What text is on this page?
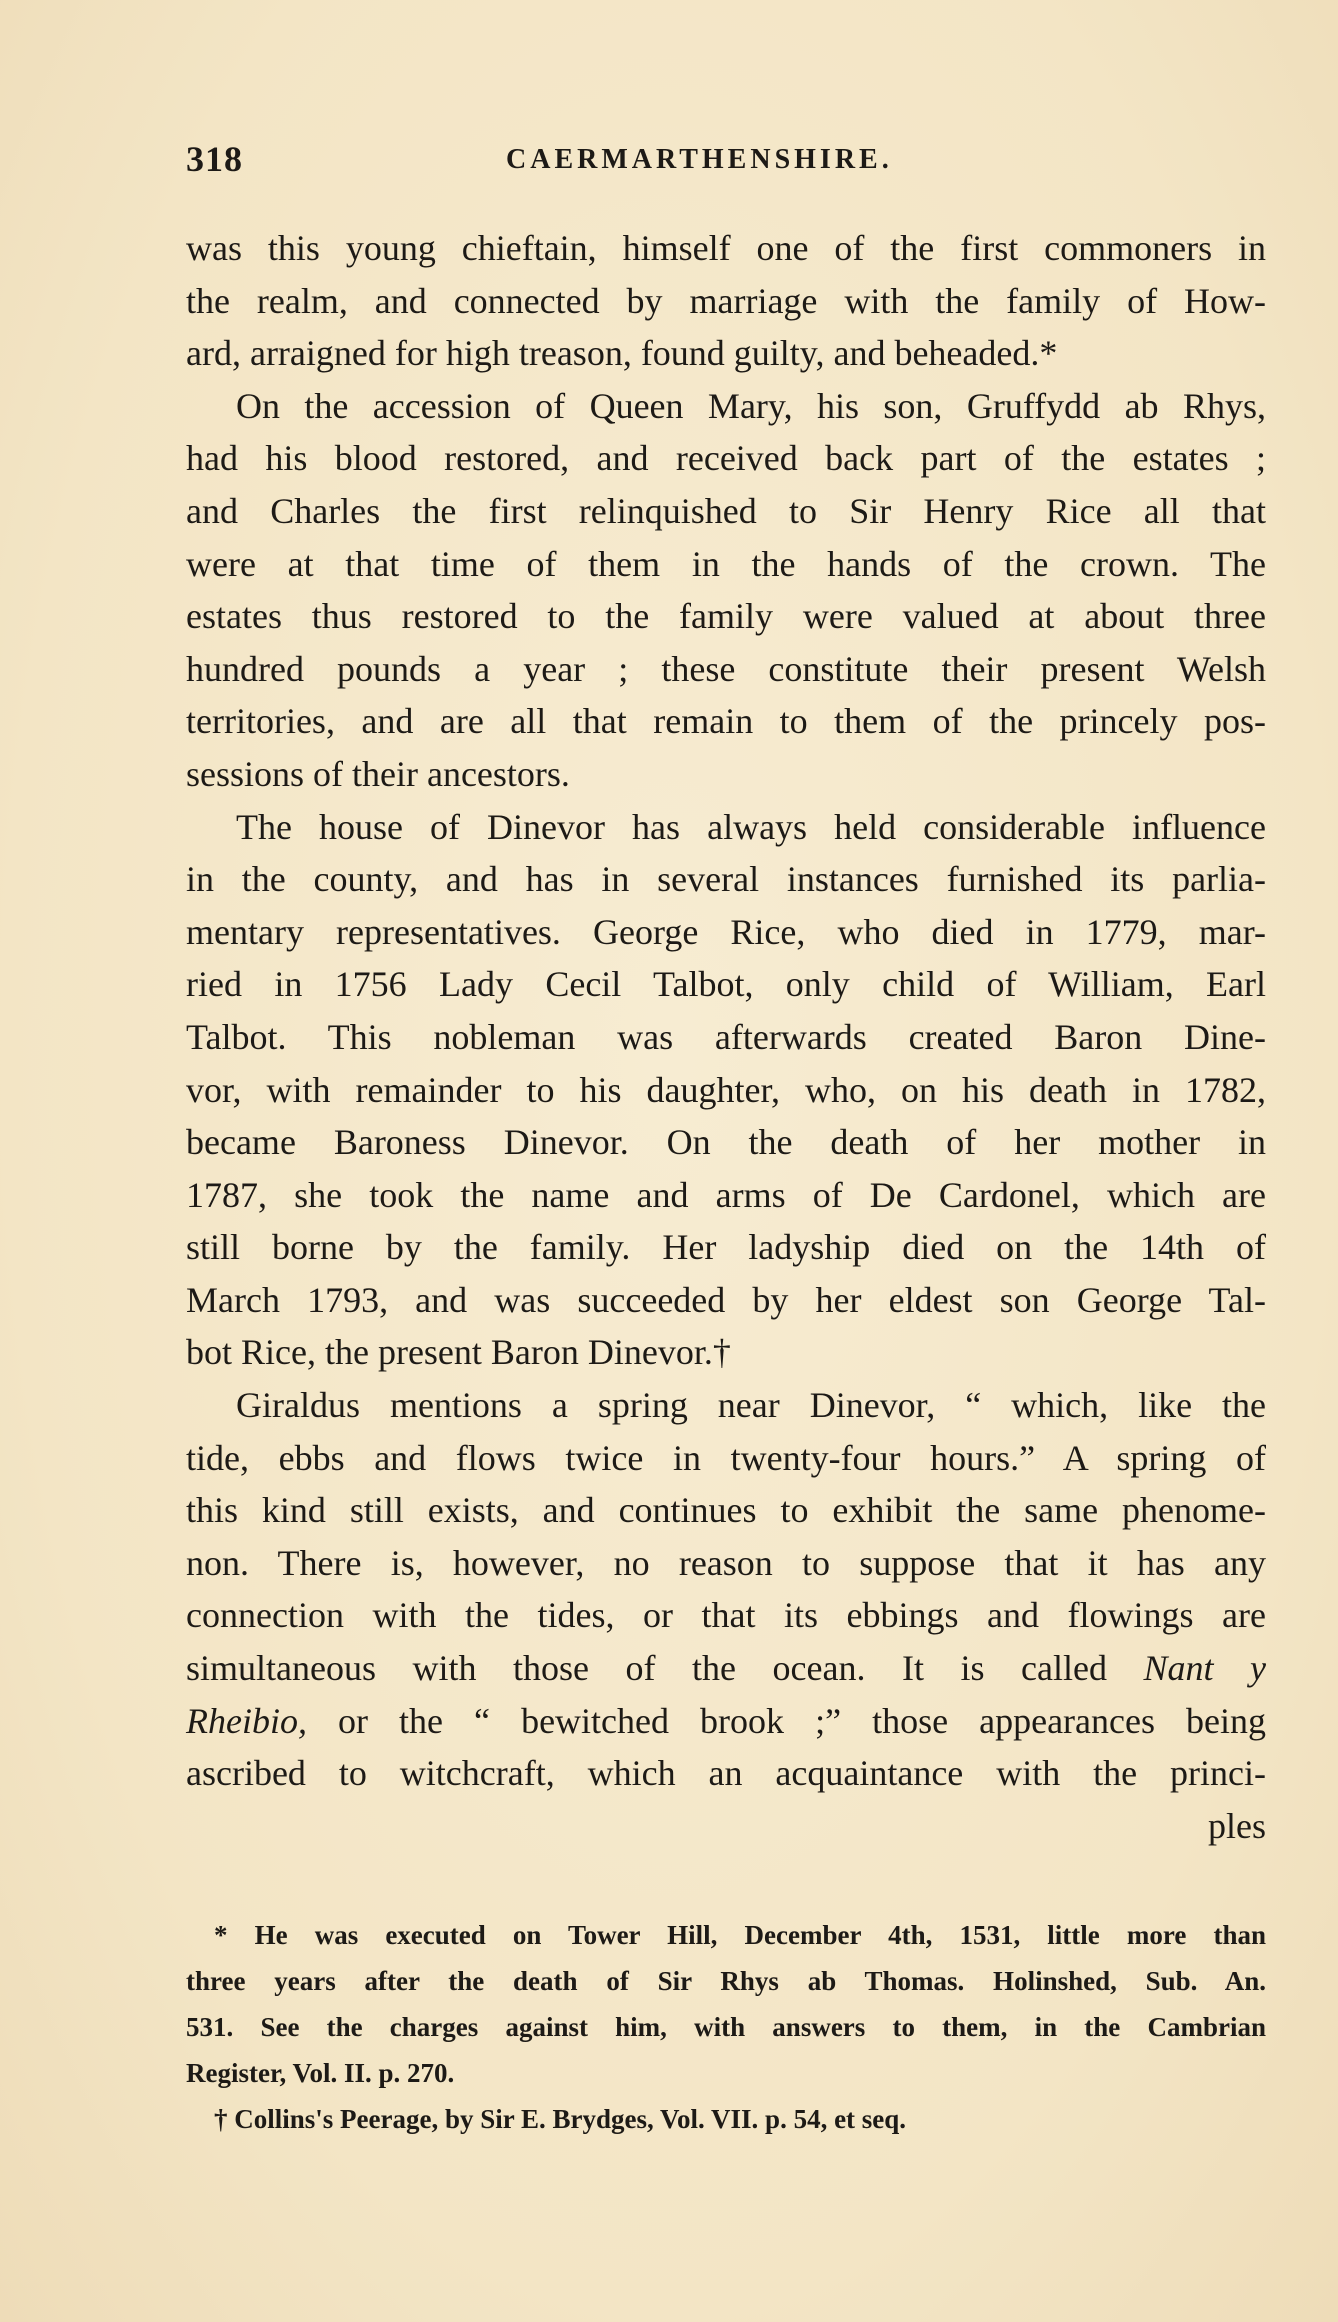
318	CAERMARTHENSHIRE.
was this young chieftain, himself one of the first commoners in
the realm, and connected by marriage with the family of How-
ard, arraigned for high treason, found guilty, and beheaded.*
On the accession of Queen Mary, his son, Gruffydd ab Rhys,
had his blood restored, and received back part of the estates ;
and Charles the first relinquished to Sir Henry Rice all that
were at that time of them in the hands of the crown. The
estates thus restored to the family were valued at about three
hundred pounds a year ; these constitute their present Welsh
territories, and are all that remain to them of the princely pos-
sessions of their ancestors.
The house of Dinevor has always held considerable influence
in the county, and has in several instances furnished its parlia-
mentary representatives. George Rice, who died in 1779, mar-
ried in 1756 Lady Cecil Talbot, only child of William, Earl
Talbot. This nobleman was afterwards created Baron Dine-
vor, with remainder to his daughter, who, on his death in 1782,
became Baroness Dinevor. On the death of her mother in
1787, she took the name and arms of De Cardonel, which are
still borne by the family. Her ladyship died on the 14th of
March 1793, and was succeeded by her eldest son George Tal-
bot Rice, the present Baron Dinevor.†
Giraldus mentions a spring near Dinevor, “ which, like the
tide, ebbs and flows twice in twenty-four hours.” A spring of
this kind still exists, and continues to exhibit the same phenome-
non. There is, however, no reason to suppose that it has any
connection with the tides, or that its ebbings and flowings are
simultaneous with those of the ocean. It is called Nant y
Rheibio, or the “ bewitched brook ;” those appearances being
ascribed to witchcraft, which an acquaintance with the princi-
ples
* He was executed on Tower Hill, December 4th, 1531, little more than
three years after the death of Sir Rhys ab Thomas. Holinshed, Sub. An.
531. See the charges against him, with answers to them, in the Cambrian
Register, Vol. II. p. 270.
† Collins's Peerage, by Sir E. Brydges, Vol. VII. p. 54, et seq.
